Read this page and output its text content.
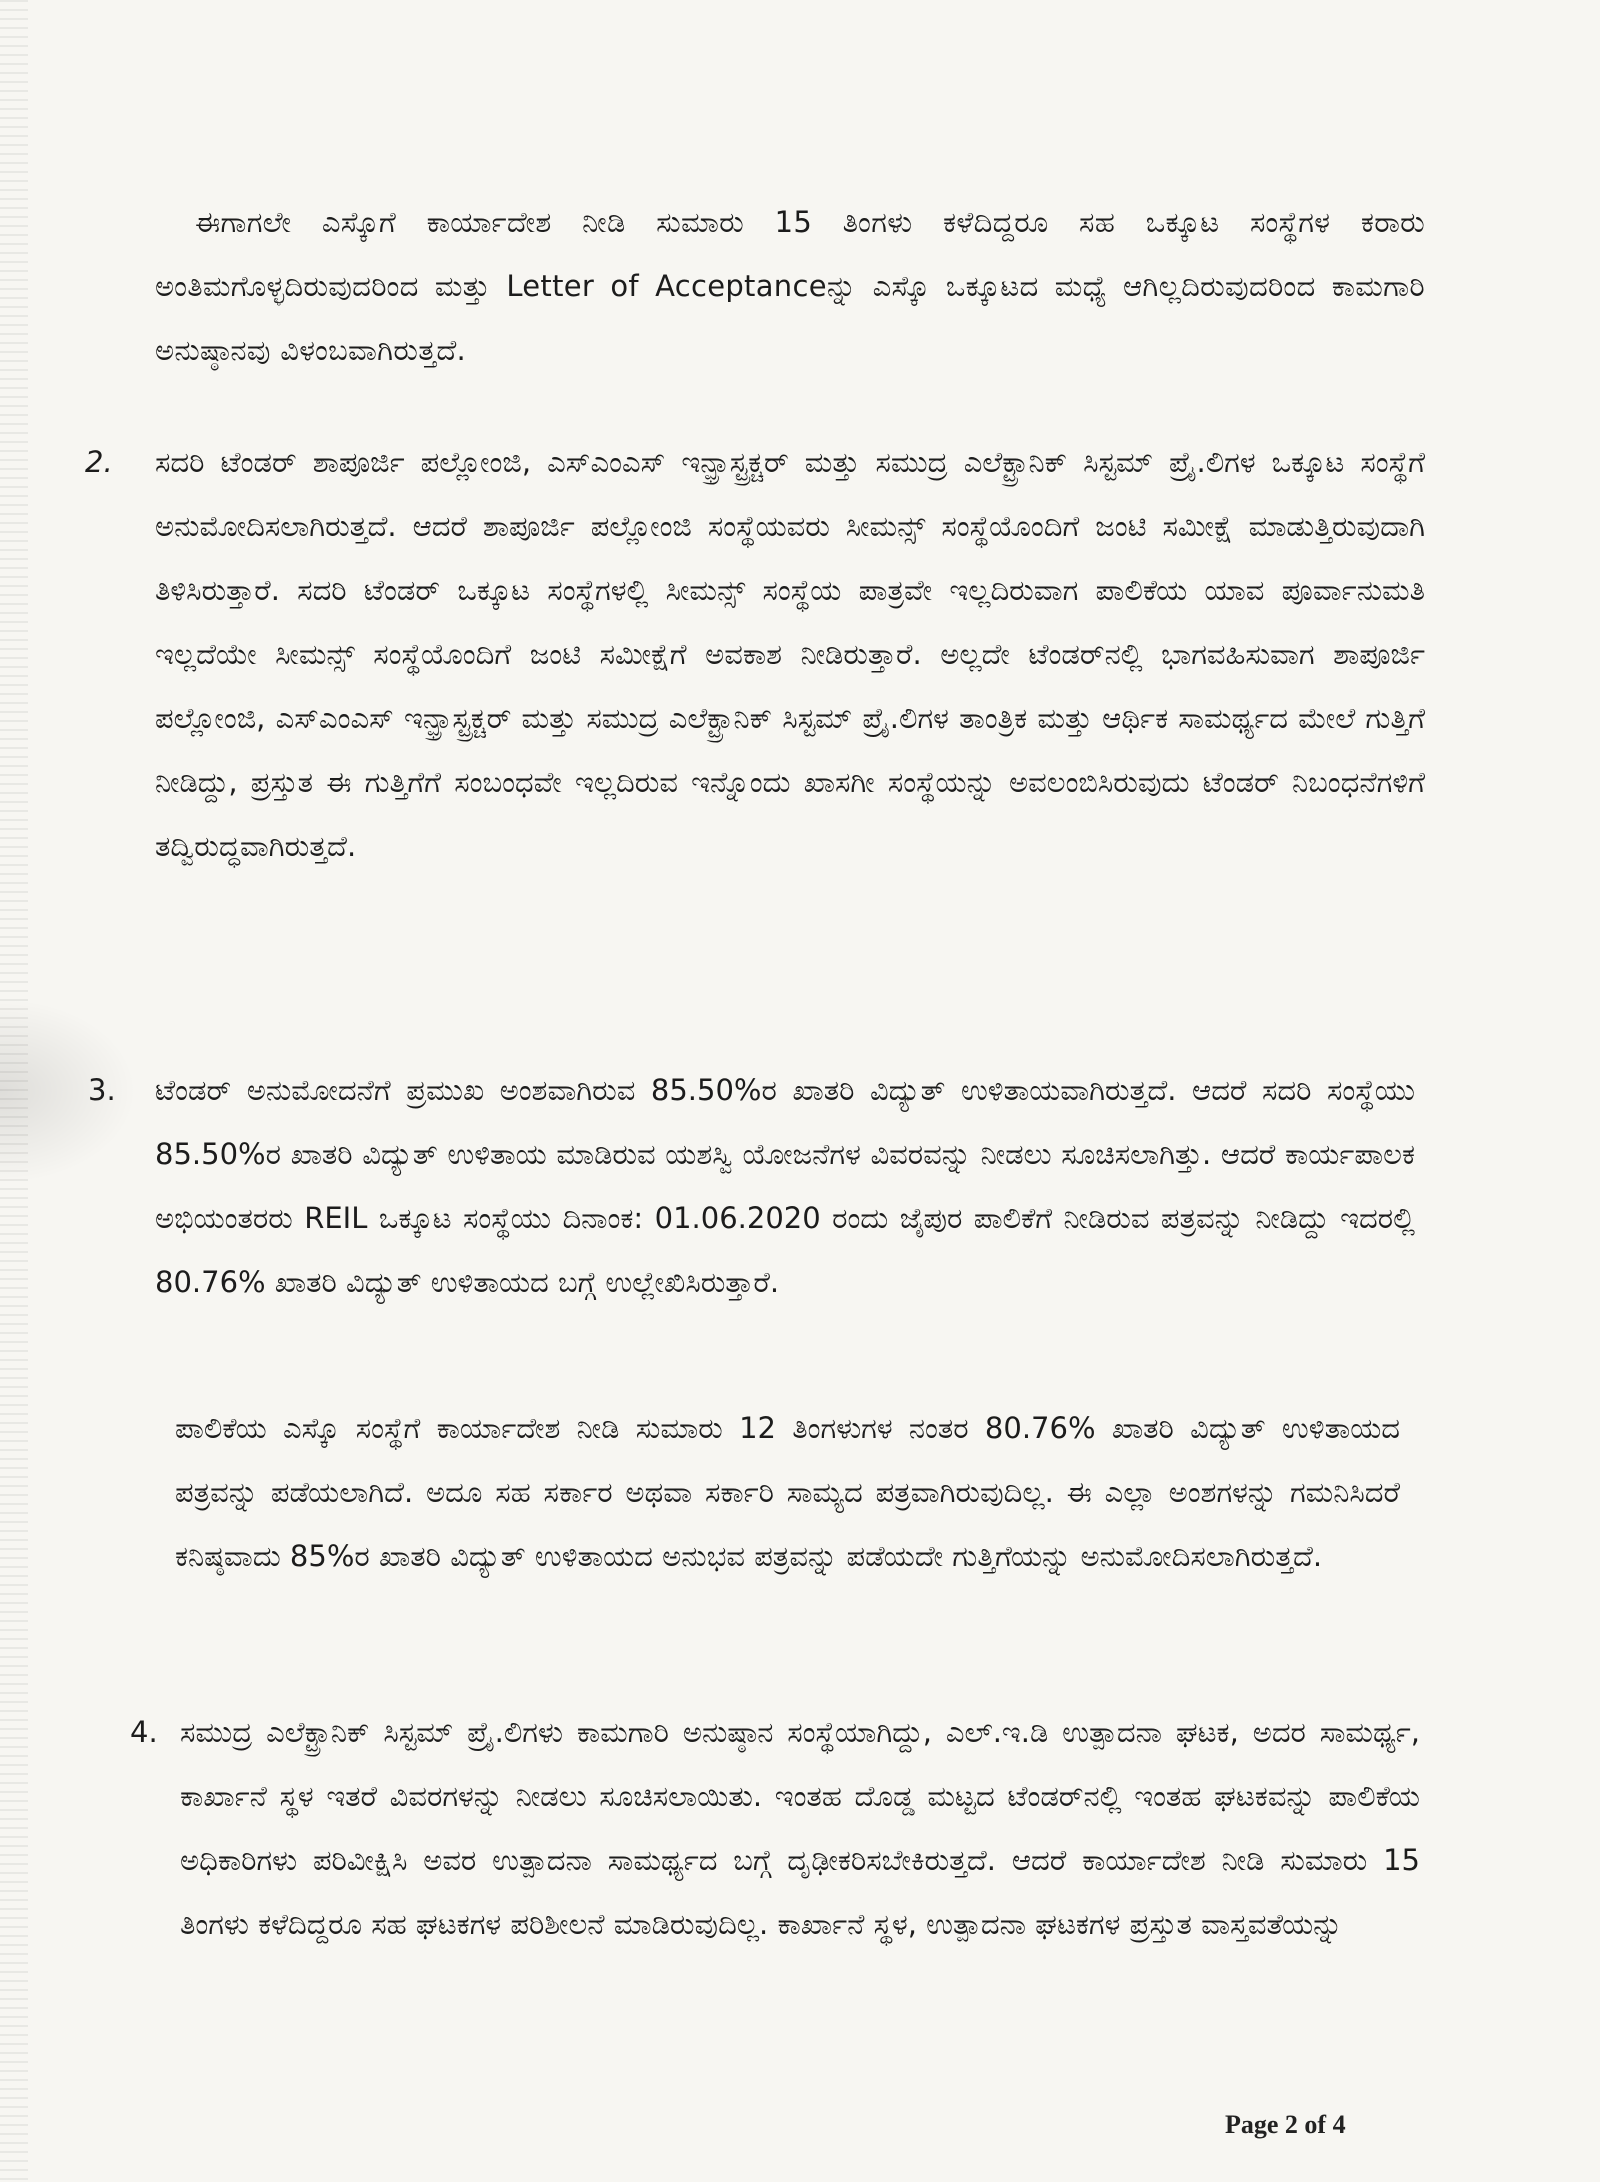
ಈಗಾಗಲೇ ಎಸ್ಕೊಗೆ ಕಾರ್ಯಾದೇಶ ನೀಡಿ ಸುಮಾರು 15 ತಿಂಗಳು ಕಳೆದಿದ್ದರೂ ಸಹ ಒಕ್ಕೂಟ ಸಂಸ್ಥೆಗಳ ಕರಾರು ಅಂತಿಮಗೊಳ್ಳದಿರುವುದರಿಂದ ಮತ್ತು Letter of Acceptanceನ್ನು ಎಸ್ಕೊ ಒಕ್ಕೂಟದ ಮಧ್ಯೆ ಆಗಿಲ್ಲದಿರುವುದರಿಂದ ಕಾಮಗಾರಿ ಅನುಷ್ಠಾನವು ವಿಳಂಬವಾಗಿರುತ್ತದೆ.

2. ಸದರಿ ಟೆಂಡರ್ ಶಾಪೂರ್ಜಿ ಪಲ್ಲೋಂಜಿ, ಎಸ್‌ಎಂಎಸ್ ಇನ್ಫ್ರಾಸ್ಟ್ರಕ್ಚರ್ ಮತ್ತು ಸಮುದ್ರ ಎಲೆಕ್ಟ್ರಾನಿಕ್ ಸಿಸ್ಟಮ್ ಪ್ರೈ.ಲಿಗಳ ಒಕ್ಕೂಟ ಸಂಸ್ಥೆಗೆ ಅನುಮೋದಿಸಲಾಗಿರುತ್ತದೆ. ಆದರೆ ಶಾಪೂರ್ಜಿ ಪಲ್ಲೋಂಜಿ ಸಂಸ್ಥೆಯವರು ಸೀಮನ್ಸ್ ಸಂಸ್ಥೆಯೊಂದಿಗೆ ಜಂಟಿ ಸಮೀಕ್ಷೆ ಮಾಡುತ್ತಿರುವುದಾಗಿ ತಿಳಿಸಿರುತ್ತಾರೆ. ಸದರಿ ಟೆಂಡರ್ ಒಕ್ಕೂಟ ಸಂಸ್ಥೆಗಳಲ್ಲಿ ಸೀಮನ್ಸ್ ಸಂಸ್ಥೆಯ ಪಾತ್ರವೇ ಇಲ್ಲದಿರುವಾಗ ಪಾಲಿಕೆಯ ಯಾವ ಪೂರ್ವಾನುಮತಿ ಇಲ್ಲದೆಯೇ ಸೀಮನ್ಸ್ ಸಂಸ್ಥೆಯೊಂದಿಗೆ ಜಂಟಿ ಸಮೀಕ್ಷೆಗೆ ಅವಕಾಶ ನೀಡಿರುತ್ತಾರೆ. ಅಲ್ಲದೇ ಟೆಂಡರ್‌ನಲ್ಲಿ ಭಾಗವಹಿಸುವಾಗ ಶಾಪೂರ್ಜಿ ಪಲ್ಲೋಂಜಿ, ಎಸ್‌ಎಂಎಸ್ ಇನ್ಫ್ರಾಸ್ಟ್ರಕ್ಚರ್ ಮತ್ತು ಸಮುದ್ರ ಎಲೆಕ್ಟ್ರಾನಿಕ್ ಸಿಸ್ಟಮ್ ಪ್ರೈ.ಲಿಗಳ ತಾಂತ್ರಿಕ ಮತ್ತು ಆರ್ಥಿಕ ಸಾಮರ್ಥ್ಯದ ಮೇಲೆ ಗುತ್ತಿಗೆ ನೀಡಿದ್ದು, ಪ್ರಸ್ತುತ ಈ ಗುತ್ತಿಗೆಗೆ ಸಂಬಂಧವೇ ಇಲ್ಲದಿರುವ ಇನ್ನೊಂದು ಖಾಸಗೀ ಸಂಸ್ಥೆಯನ್ನು ಅವಲಂಬಿಸಿರುವುದು ಟೆಂಡರ್ ನಿಬಂಧನೆಗಳಿಗೆ ತದ್ವಿರುದ್ಧವಾಗಿರುತ್ತದೆ.

3. ಟೆಂಡರ್ ಅನುಮೋದನೆಗೆ ಪ್ರಮುಖ ಅಂಶವಾಗಿರುವ 85.50%ರ ಖಾತರಿ ವಿದ್ಯುತ್ ಉಳಿತಾಯವಾಗಿರುತ್ತದೆ. ಆದರೆ ಸದರಿ ಸಂಸ್ಥೆಯು 85.50%ರ ಖಾತರಿ ವಿದ್ಯುತ್ ಉಳಿತಾಯ ಮಾಡಿರುವ ಯಶಸ್ವಿ ಯೋಜನೆಗಳ ವಿವರವನ್ನು ನೀಡಲು ಸೂಚಿಸಲಾಗಿತ್ತು. ಆದರೆ ಕಾರ್ಯಪಾಲಕ ಅಭಿಯಂತರರು REIL ಒಕ್ಕೂಟ ಸಂಸ್ಥೆಯು ದಿನಾಂಕ: 01.06.2020 ರಂದು ಜೈಪುರ ಪಾಲಿಕೆಗೆ ನೀಡಿರುವ ಪತ್ರವನ್ನು ನೀಡಿದ್ದು ಇದರಲ್ಲಿ 80.76% ಖಾತರಿ ವಿದ್ಯುತ್ ಉಳಿತಾಯದ ಬಗ್ಗೆ ಉಲ್ಲೇಖಿಸಿರುತ್ತಾರೆ.

ಪಾಲಿಕೆಯ ಎಸ್ಕೊ ಸಂಸ್ಥೆಗೆ ಕಾರ್ಯಾದೇಶ ನೀಡಿ ಸುಮಾರು 12 ತಿಂಗಳುಗಳ ನಂತರ 80.76% ಖಾತರಿ ವಿದ್ಯುತ್ ಉಳಿತಾಯದ ಪತ್ರವನ್ನು ಪಡೆಯಲಾಗಿದೆ. ಅದೂ ಸಹ ಸರ್ಕಾರ ಅಥವಾ ಸರ್ಕಾರಿ ಸಾಮ್ಯದ ಪತ್ರವಾಗಿರುವುದಿಲ್ಲ. ಈ ಎಲ್ಲಾ ಅಂಶಗಳನ್ನು ಗಮನಿಸಿದರೆ ಕನಿಷ್ಠವಾದು 85%ರ ಖಾತರಿ ವಿದ್ಯುತ್ ಉಳಿತಾಯದ ಅನುಭವ ಪತ್ರವನ್ನು ಪಡೆಯದೇ ಗುತ್ತಿಗೆಯನ್ನು ಅನುಮೋದಿಸಲಾಗಿರುತ್ತದೆ.

4. ಸಮುದ್ರ ಎಲೆಕ್ಟ್ರಾನಿಕ್ ಸಿಸ್ಟಮ್ ಪ್ರೈ.ಲಿಗಳು ಕಾಮಗಾರಿ ಅನುಷ್ಠಾನ ಸಂಸ್ಥೆಯಾಗಿದ್ದು, ಎಲ್.ಇ.ಡಿ ಉತ್ಪಾದನಾ ಘಟಕ, ಅದರ ಸಾಮರ್ಥ್ಯ, ಕಾರ್ಖಾನೆ ಸ್ಥಳ ಇತರೆ ವಿವರಗಳನ್ನು ನೀಡಲು ಸೂಚಿಸಲಾಯಿತು. ಇಂತಹ ದೊಡ್ಡ ಮಟ್ಟದ ಟೆಂಡರ್‌ನಲ್ಲಿ ಇಂತಹ ಘಟಕವನ್ನು ಪಾಲಿಕೆಯ ಅಧಿಕಾರಿಗಳು ಪರಿವೀಕ್ಷಿಸಿ ಅವರ ಉತ್ಪಾದನಾ ಸಾಮರ್ಥ್ಯದ ಬಗ್ಗೆ ದೃಢೀಕರಿಸಬೇಕಿರುತ್ತದೆ. ಆದರೆ ಕಾರ್ಯಾದೇಶ ನೀಡಿ ಸುಮಾರು 15 ತಿಂಗಳು ಕಳೆದಿದ್ದರೂ ಸಹ ಘಟಕಗಳ ಪರಿಶೀಲನೆ ಮಾಡಿರುವುದಿಲ್ಲ. ಕಾರ್ಖಾನೆ ಸ್ಥಳ, ಉತ್ಪಾದನಾ ಘಟಕಗಳ ಪ್ರಸ್ತುತ ವಾಸ್ತವತೆಯನ್ನು

Page 2 of 4
